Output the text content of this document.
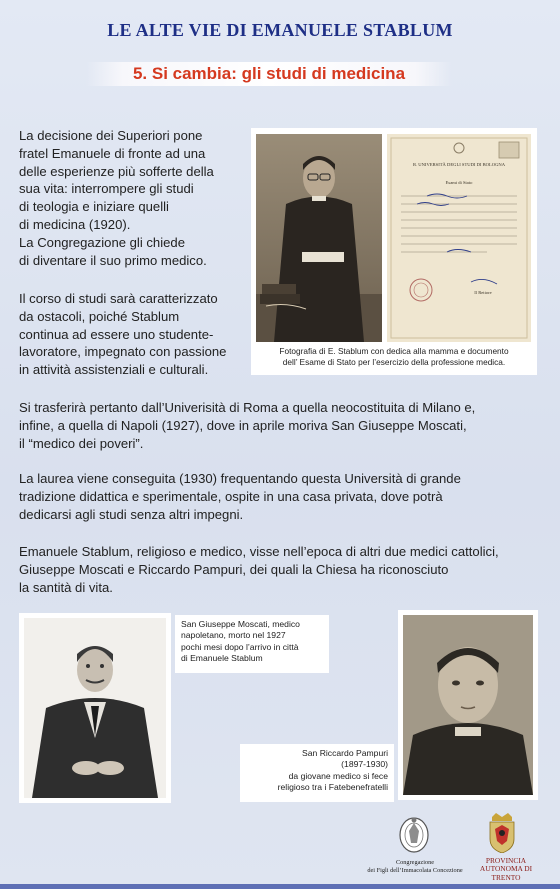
LE ALTE VIE DI EMANUELE STABLUM
5. Si cambia: gli studi di medicina
La decisione dei Superiori pone
fratel Emanuele di fronte ad una
delle esperienze più sofferte della
sua vita: interrompere gli studi
di teologia e iniziare quelli
di medicina (1920).
La Congregazione gli chiede
di diventare il suo primo medico.
Il corso di studi sarà caratterizzato
da ostacoli, poiché Stablum
continua ad essere uno studente-
lavoratore, impegnato con passione
in attività assistenziali e culturali.
R. UNIVERSITÀ DEGLI STUDI DI BOLOGNA
Esami di Stato
Il Rettore
Fotografia di E. Stablum con dedica alla mamma e documento
dell’ Esame di Stato per l’esercizio della professione medica.
Si trasferirà pertanto dall’Univerisità di Roma a quella neocostituita di Milano e,
infine, a quella di Napoli (1927), dove in aprile moriva San Giuseppe Moscati,
il “medico dei poveri”.
La laurea viene conseguita (1930) frequentando questa Università di grande
tradizione didattica e sperimentale, ospite in una casa privata, dove potrà
dedicarsi agli studi senza altri impegni.
Emanuele Stablum, religioso e medico, visse nell’epoca di altri due medici cattolici,
Giuseppe Moscati e Riccardo Pampuri, dei quali la Chiesa ha riconosciuto
la santità di vita.
San Giuseppe Moscati, medico
napoletano, morto nel 1927
pochi mesi dopo l’arrivo in città
di Emanuele Stablum
San Riccardo Pampuri
(1897-1930)
da giovane medico si fece
religioso tra i Fatebenefratelli
Congregazione
dei Figli dell’Immacolata Concezione
PROVINCIA
AUTONOMA DI TRENTO
